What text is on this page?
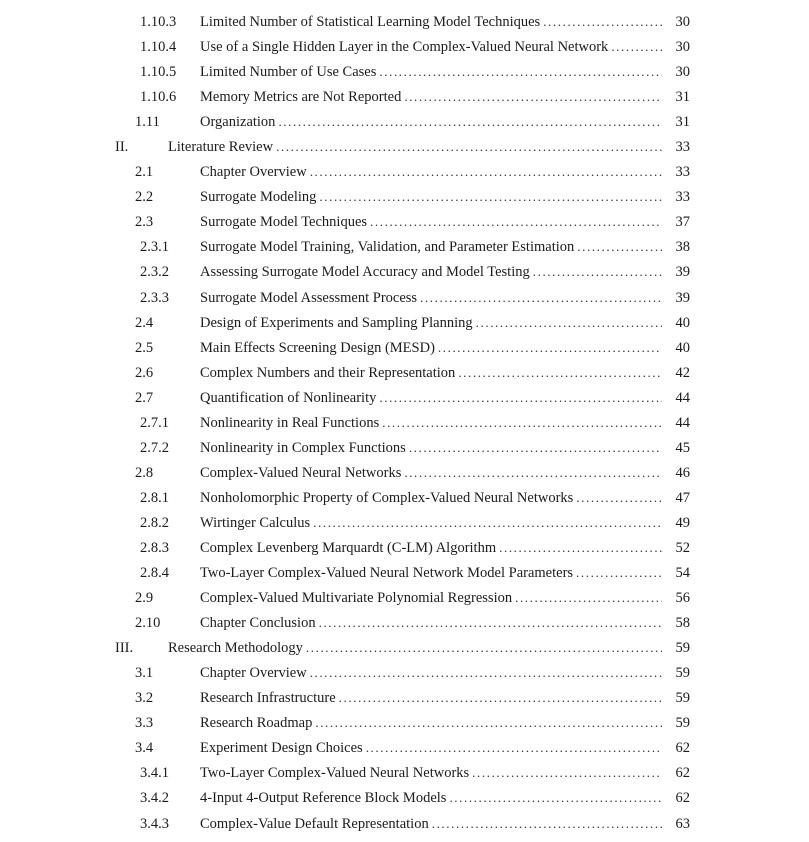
1.10.3	Limited Number of Statistical Learning Model Techniques .....	30
1.10.4	Use of a Single Hidden Layer in the Complex-Valued Neural Network .....	30
1.10.5	Limited Number of Use Cases .....	30
1.10.6	Memory Metrics are Not Reported .....	31
1.11	Organization .....	31
II.	Literature Review .....	33
2.1	Chapter Overview .....	33
2.2	Surrogate Modeling .....	33
2.3	Surrogate Model Techniques .....	37
2.3.1	Surrogate Model Training, Validation, and Parameter Estimation .....	38
2.3.2	Assessing Surrogate Model Accuracy and Model Testing .....	39
2.3.3	Surrogate Model Assessment Process .....	39
2.4	Design of Experiments and Sampling Planning .....	40
2.5	Main Effects Screening Design (MESD) .....	40
2.6	Complex Numbers and their Representation .....	42
2.7	Quantification of Nonlinearity .....	44
2.7.1	Nonlinearity in Real Functions .....	44
2.7.2	Nonlinearity in Complex Functions .....	45
2.8	Complex-Valued Neural Networks .....	46
2.8.1	Nonholomorphic Property of Complex-Valued Neural Networks .....	47
2.8.2	Wirtinger Calculus .....	49
2.8.3	Complex Levenberg Marquardt (C-LM) Algorithm .....	52
2.8.4	Two-Layer Complex-Valued Neural Network Model Parameters .....	54
2.9	Complex-Valued Multivariate Polynomial Regression .....	56
2.10	Chapter Conclusion .....	58
III.	Research Methodology .....	59
3.1	Chapter Overview .....	59
3.2	Research Infrastructure .....	59
3.3	Research Roadmap .....	59
3.4	Experiment Design Choices .....	62
3.4.1	Two-Layer Complex-Valued Neural Networks .....	62
3.4.2	4-Input 4-Output Reference Block Models .....	62
3.4.3	Complex-Value Default Representation .....	63
